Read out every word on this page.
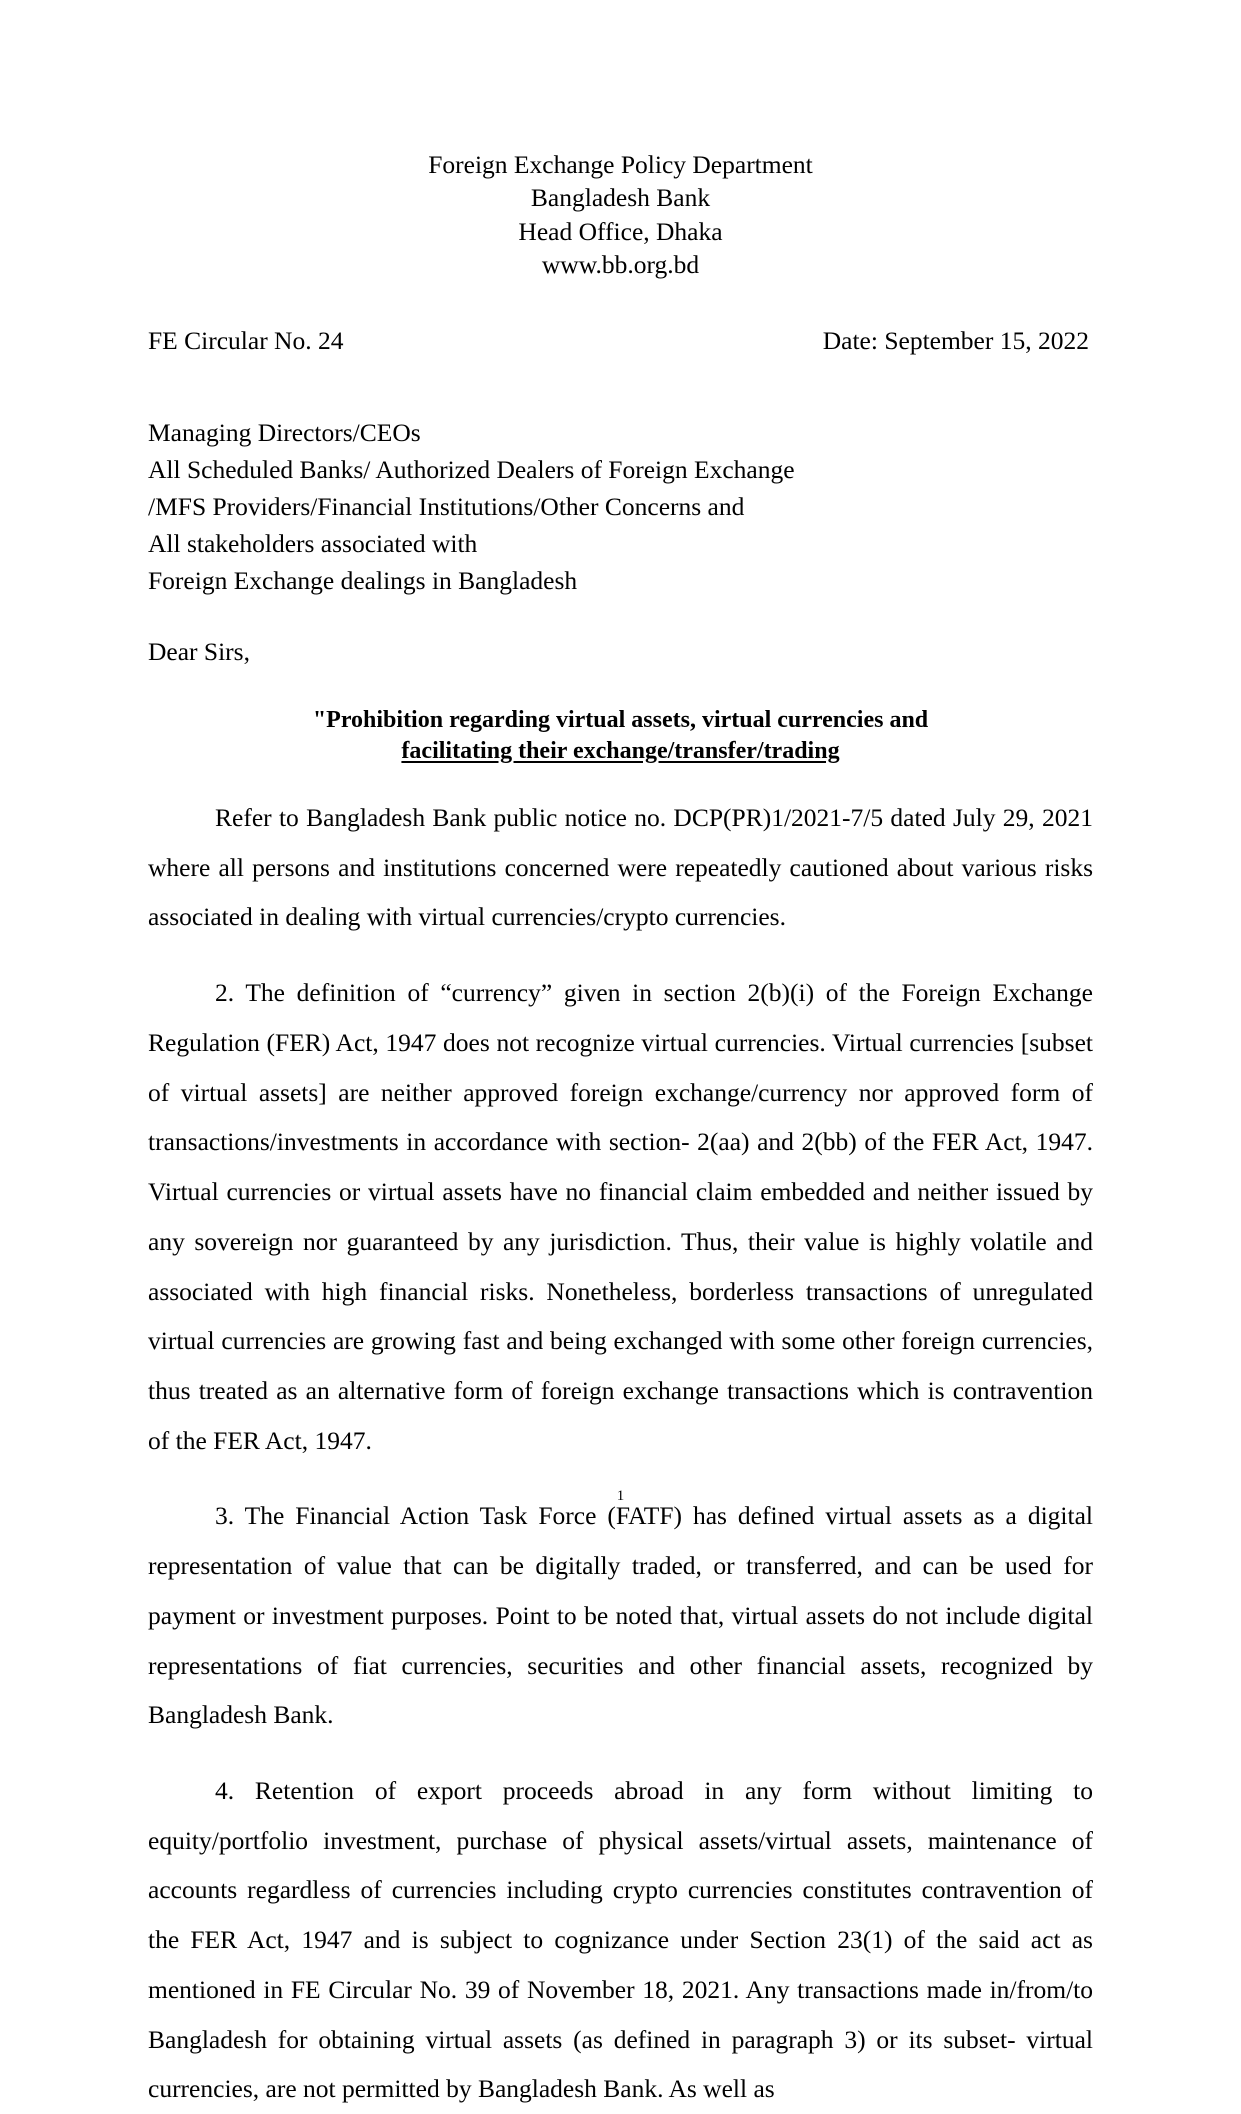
Foreign Exchange Policy Department
Bangladesh Bank
Head Office, Dhaka
www.bb.org.bd
FE Circular No. 24	Date: September 15, 2022
Managing Directors/CEOs
All Scheduled Banks/ Authorized Dealers of Foreign Exchange
/MFS Providers/Financial Institutions/Other Concerns and
All stakeholders associated with
Foreign Exchange dealings in Bangladesh
Dear Sirs,
"Prohibition regarding virtual assets, virtual currencies and
facilitating their exchange/transfer/trading

Refer to Bangladesh Bank public notice no. DCP(PR)1/2021-7/5 dated July 29, 2021 where all persons and institutions concerned were repeatedly cautioned about various risks associated in dealing with virtual currencies/crypto currencies.

2. The definition of “currency” given in section 2(b)(i) of the Foreign Exchange Regulation (FER) Act, 1947 does not recognize virtual currencies. Virtual currencies [subset of virtual assets] are neither approved foreign exchange/currency nor approved form of transactions/investments in accordance with section- 2(aa) and 2(bb) of the FER Act, 1947. Virtual currencies or virtual assets have no financial claim embedded and neither issued by any sovereign nor guaranteed by any jurisdiction. Thus, their value is highly volatile and associated with high financial risks. Nonetheless, borderless transactions of unregulated virtual currencies are growing fast and being exchanged with some other foreign currencies, thus treated as an alternative form of foreign exchange transactions which is contravention of the FER Act, 1947.

3. The Financial Action Task Force (FATF) has defined virtual assets as a digital representation of value that can be digitally traded, or transferred, and can be used for payment or investment purposes. Point to be noted that, virtual assets do not include digital representations of fiat currencies, securities and other financial assets, recognized by Bangladesh Bank.

4. Retention of export proceeds abroad in any form without limiting to equity/portfolio investment, purchase of physical assets/virtual assets, maintenance of accounts regardless of currencies including crypto currencies constitutes contravention of the FER Act, 1947 and is subject to cognizance under Section 23(1) of the said act as mentioned in FE Circular No. 39 of November 18, 2021. Any transactions made in/from/to Bangladesh for obtaining virtual assets (as defined in paragraph 3) or its subset- virtual currencies, are not permitted by Bangladesh Bank. As well as

1
